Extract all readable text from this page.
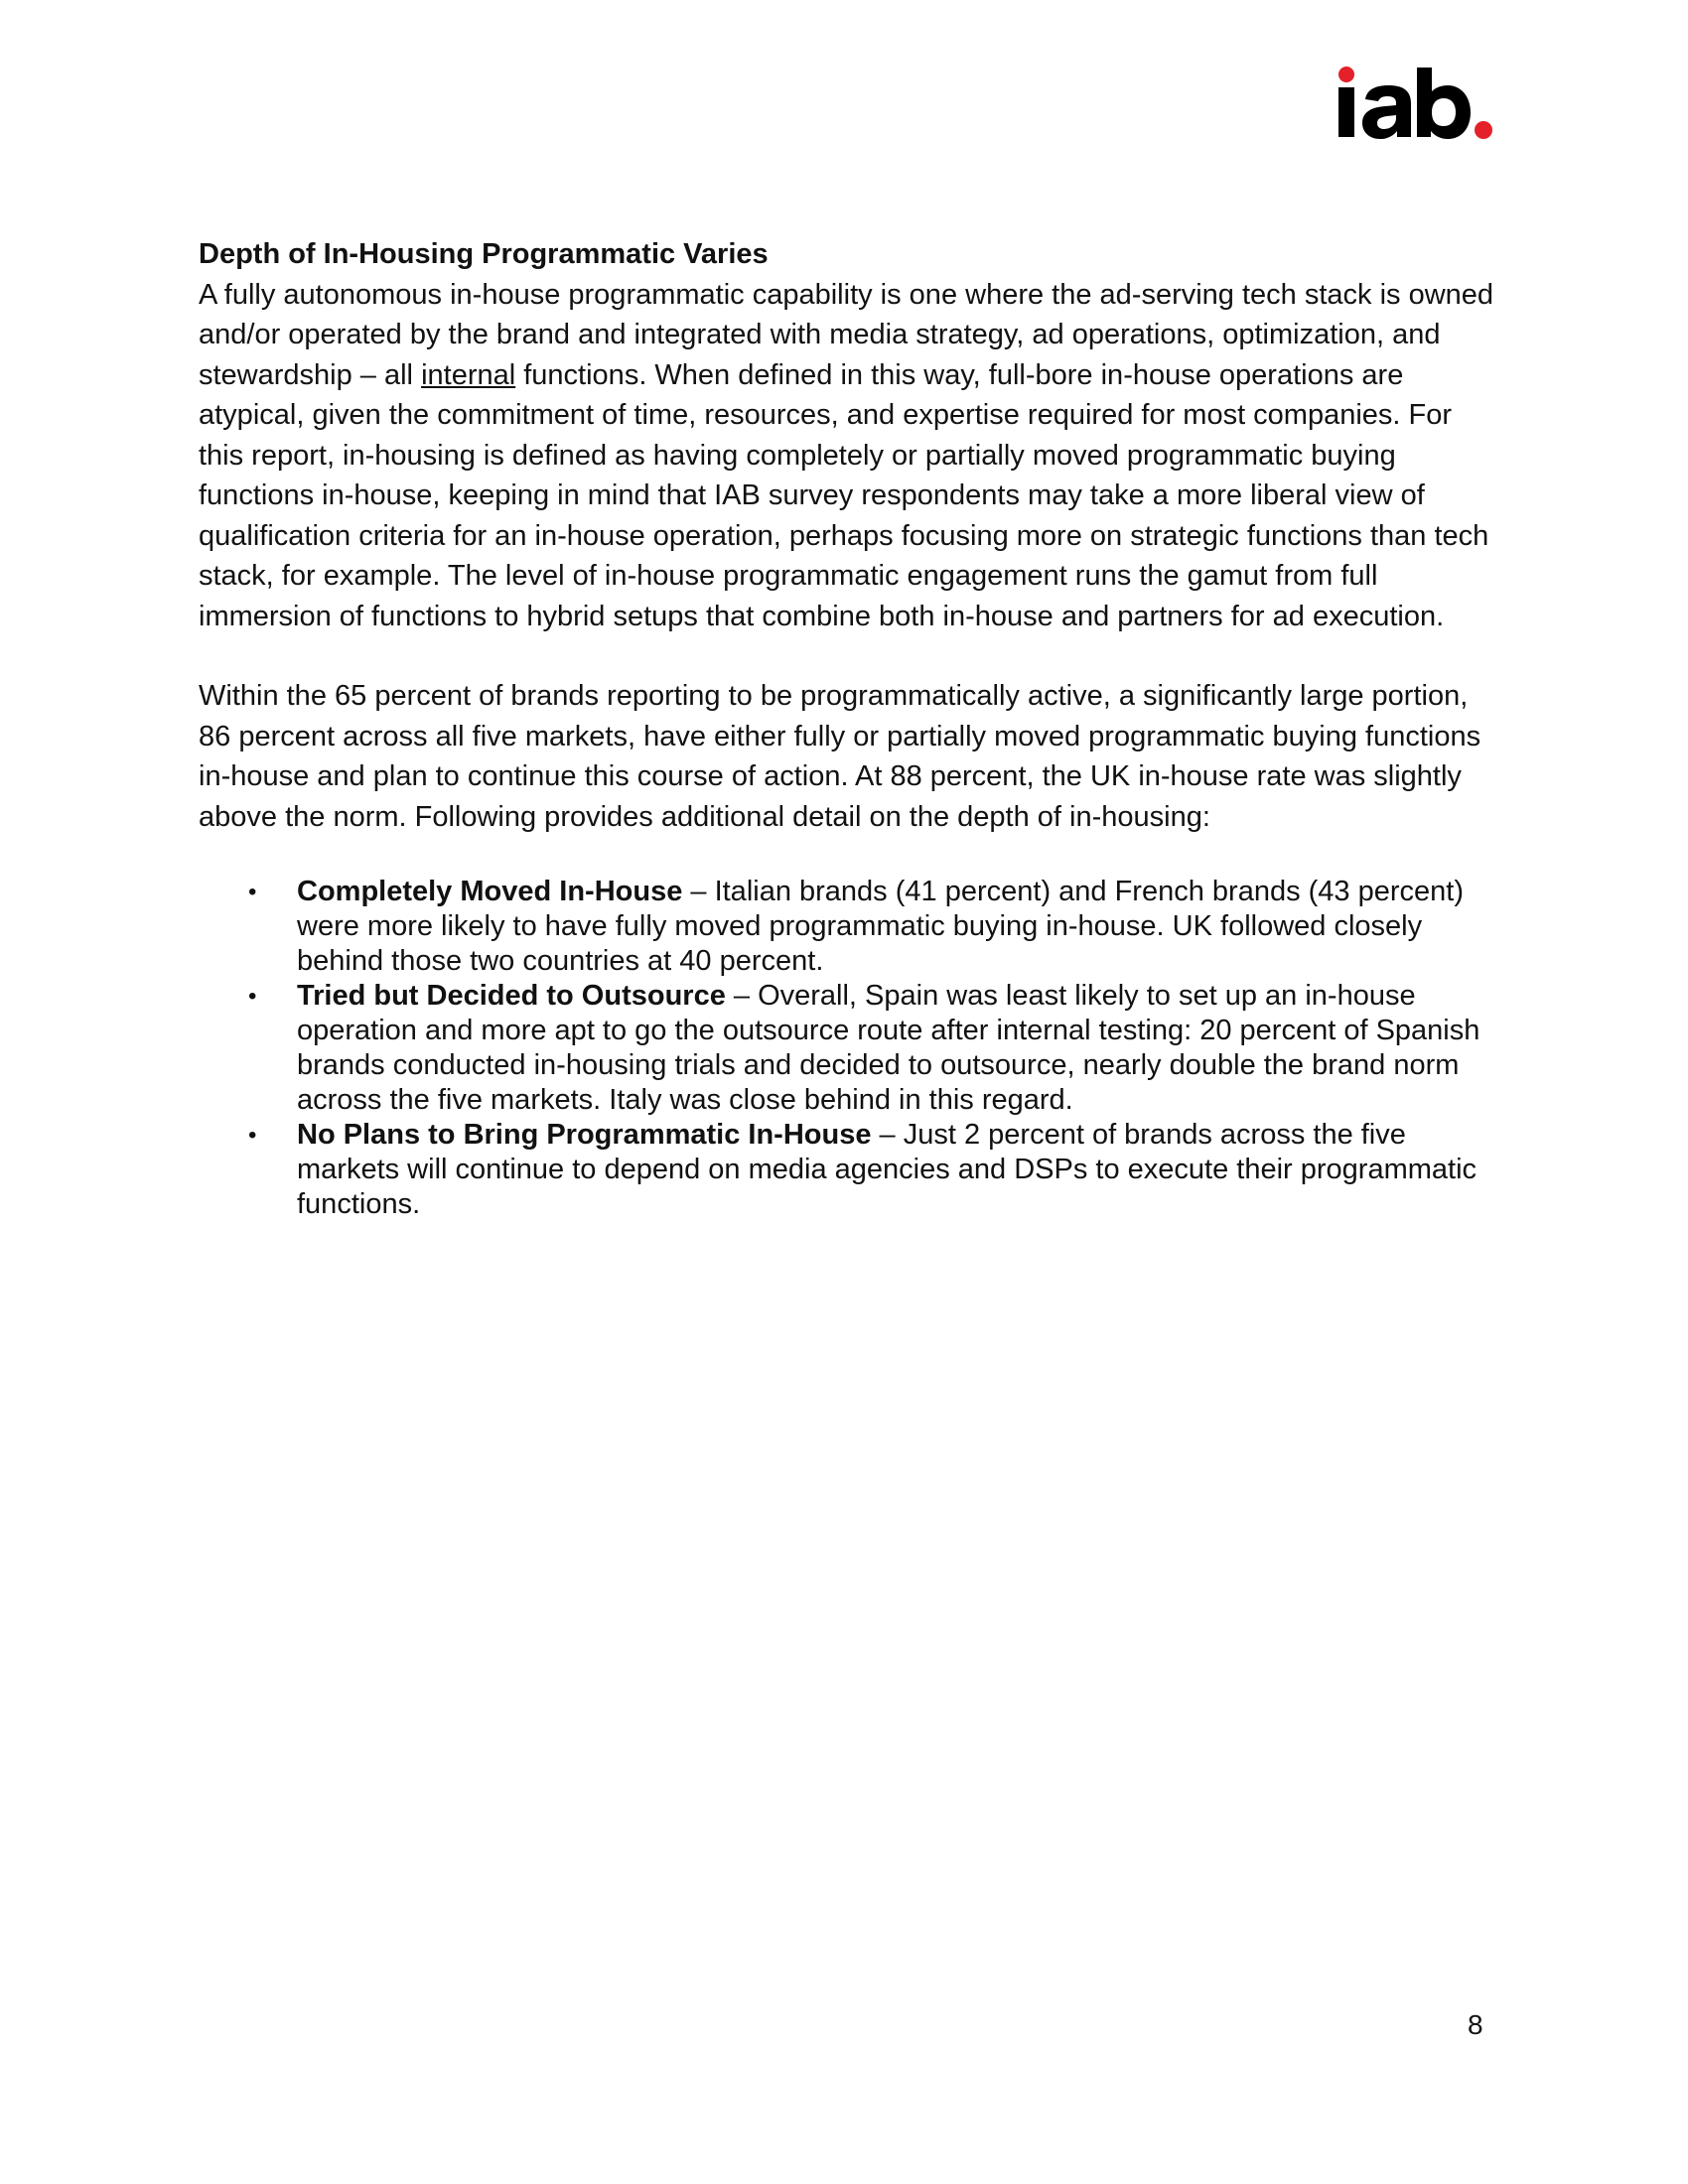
Depth of In-Housing Programmatic Varies

A fully autonomous in-house programmatic capability is one where the ad-serving tech stack is owned and/or operated by the brand and integrated with media strategy, ad operations, optimization, and stewardship – all internal functions. When defined in this way, full-bore in-house operations are atypical, given the commitment of time, resources, and expertise required for most companies. For this report, in-housing is defined as having completely or partially moved programmatic buying functions in-house, keeping in mind that IAB survey respondents may take a more liberal view of qualification criteria for an in-house operation, perhaps focusing more on strategic functions than tech stack, for example. The level of in-house programmatic engagement runs the gamut from full immersion of functions to hybrid setups that combine both in-house and partners for ad execution.

Within the 65 percent of brands reporting to be programmatically active, a significantly large portion, 86 percent across all five markets, have either fully or partially moved programmatic buying functions in-house and plan to continue this course of action. At 88 percent, the UK in-house rate was slightly above the norm. Following provides additional detail on the depth of in-housing:

• Completely Moved In-House – Italian brands (41 percent) and French brands (43 percent) were more likely to have fully moved programmatic buying in-house. UK followed closely behind those two countries at 40 percent.
• Tried but Decided to Outsource – Overall, Spain was least likely to set up an in-house operation and more apt to go the outsource route after internal testing: 20 percent of Spanish brands conducted in-housing trials and decided to outsource, nearly double the brand norm across the five markets. Italy was close behind in this regard.
• No Plans to Bring Programmatic In-House – Just 2 percent of brands across the five markets will continue to depend on media agencies and DSPs to execute their programmatic functions.
8
